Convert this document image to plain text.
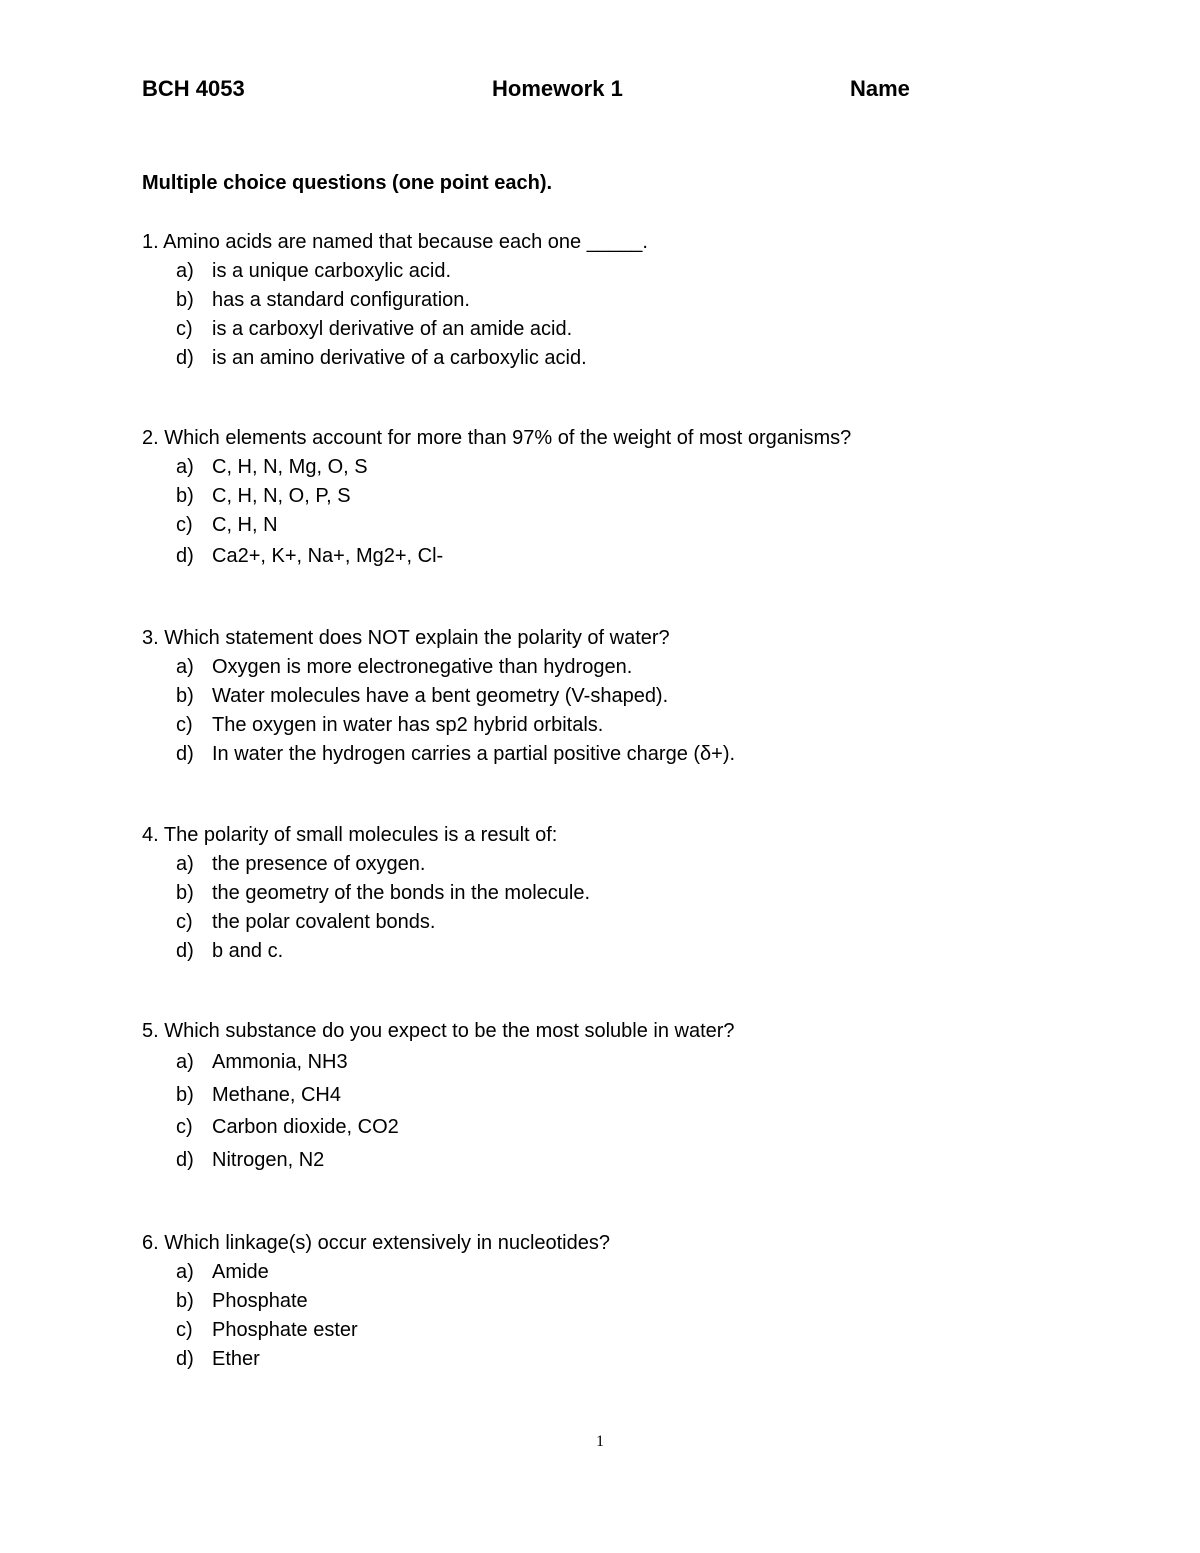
BCH 4053	Homework 1	Name
Multiple choice questions (one point each).
1. Amino acids are named that because each one _____.
a) is a unique carboxylic acid.
b) has a standard configuration.
c) is a carboxyl derivative of an amide acid.
d) is an amino derivative of a carboxylic acid.
2. Which elements account for more than 97% of the weight of most organisms?
a) C, H, N, Mg, O, S
b) C, H, N, O, P, S
c) C, H, N
d) Ca2+, K+, Na+, Mg2+, Cl-
3. Which statement does NOT explain the polarity of water?
a) Oxygen is more electronegative than hydrogen.
b) Water molecules have a bent geometry (V-shaped).
c) The oxygen in water has sp2 hybrid orbitals.
d) In water the hydrogen carries a partial positive charge (δ+).
4. The polarity of small molecules is a result of:
a) the presence of oxygen.
b) the geometry of the bonds in the molecule.
c) the polar covalent bonds.
d) b and c.
5. Which substance do you expect to be the most soluble in water?
a) Ammonia, NH3
b) Methane, CH4
c) Carbon dioxide, CO2
d) Nitrogen, N2
6. Which linkage(s) occur extensively in nucleotides?
a) Amide
b) Phosphate
c) Phosphate ester
d) Ether
1
